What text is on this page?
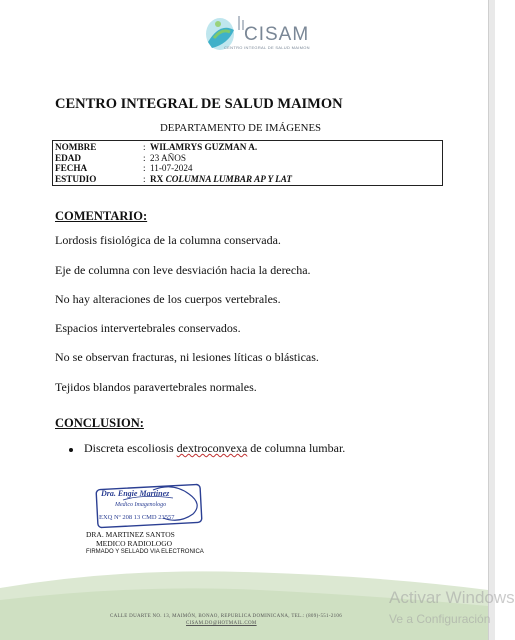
CISAM
CENTRO INTEGRAL DE SALUD MAIMON
CENTRO INTEGRAL DE SALUD MAIMON
DEPARTAMENTO DE IMÁGENES
NOMBRE	: WILAMRYS GUZMAN A.
EDAD	: 23 AÑOS
FECHA	: 11-07-2024
ESTUDIO	: RX COLUMNA LUMBAR AP Y LAT
COMENTARIO:
Lordosis fisiológica de la columna conservada.
Eje de columna con leve desviación hacia la derecha.
No hay alteraciones de los cuerpos vertebrales.
Espacios intervertebrales conservados.
No se observan fracturas, ni lesiones líticas o blásticas.
Tejidos blandos paravertebrales normales.
CONCLUSION:
Discreta escoliosis dextroconvexa de columna lumbar.
Dra. Engie Martinez
Medico Imagenologo
EXQ Nº 208 13 CMD 23557
DRA. MARTINEZ SANTOS
MEDICO RADIOLOGO
FIRMADO Y SELLADO VIA ELECTRONICA
CALLE DUARTE NO. 13, MAIMÓN, BONAO, REPUBLICA DOMINICANA, TEL.: (809)-551-2106
CISAM.DO@HOTMAIL.COM
Activar Windows
Ve a Configuración
